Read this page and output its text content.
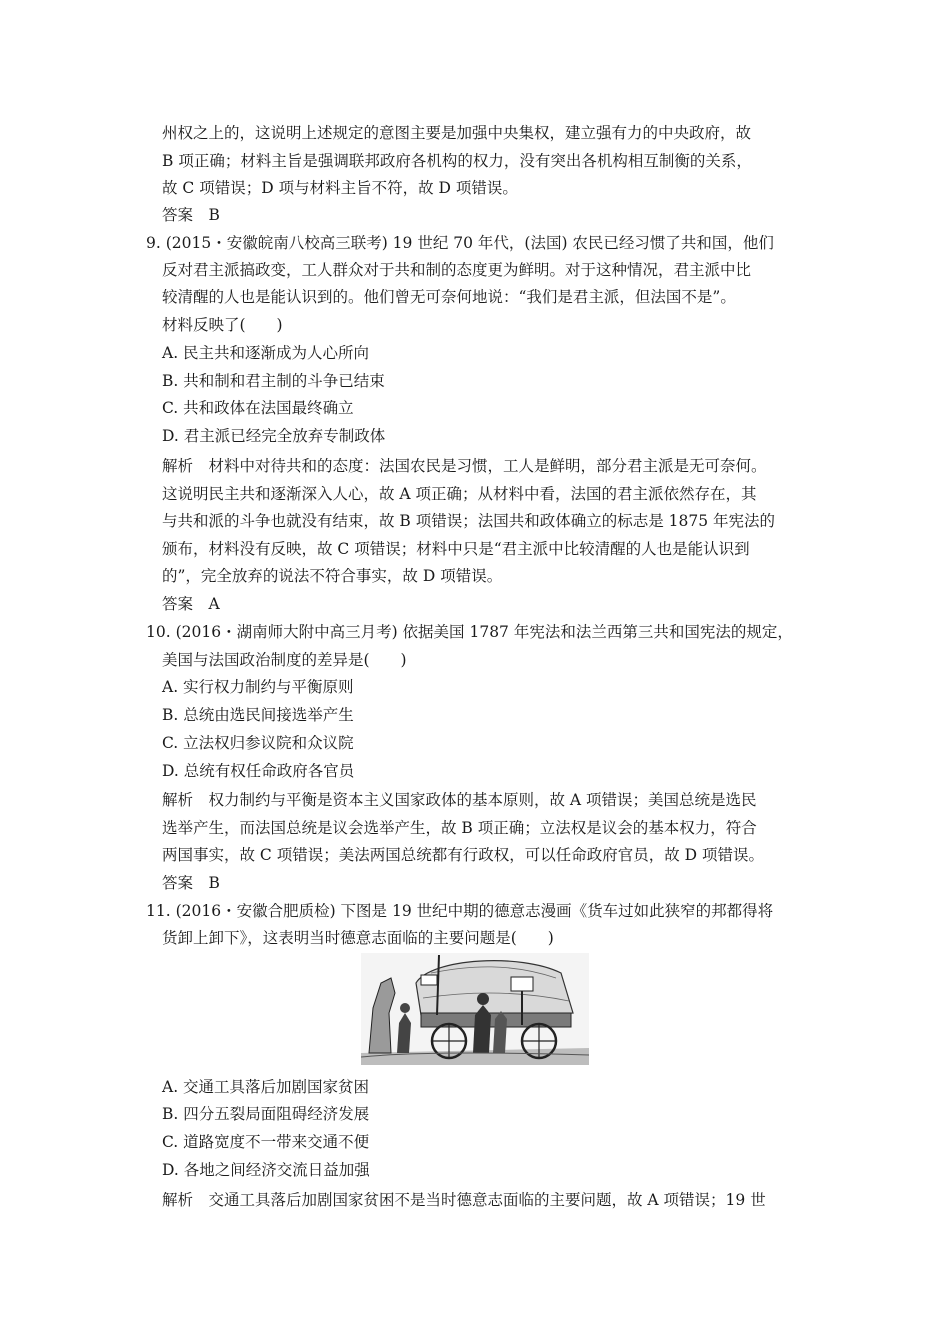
州权之上的，这说明上述规定的意图主要是加强中央集权，建立强有力的中央政府，故
B 项正确；材料主旨是强调联邦政府各机构的权力，没有突出各机构相互制衡的关系，
故 C 项错误；D 项与材料主旨不符，故 D 项错误。
答案　B
9. (2015・安徽皖南八校高三联考) 19 世纪 70 年代，(法国) 农民已经习惯了共和国，他们
反对君主派搞政变，工人群众对于共和制的态度更为鲜明。对于这种情况，君主派中比
较清醒的人也是能认识到的。他们曾无可奈何地说：“我们是君主派，但法国不是”。
材料反映了(　　)
A. 民主共和逐渐成为人心所向
B. 共和制和君主制的斗争已结束
C. 共和政体在法国最终确立
D. 君主派已经完全放弃专制政体
解析　材料中对待共和的态度：法国农民是习惯，工人是鲜明，部分君主派是无可奈何。
这说明民主共和逐渐深入人心，故 A 项正确；从材料中看，法国的君主派依然存在，其
与共和派的斗争也就没有结束，故 B 项错误；法国共和政体确立的标志是 1875 年宪法的
颁布，材料没有反映，故 C 项错误；材料中只是“君主派中比较清醒的人也是能认识到
的”，完全放弃的说法不符合事实，故 D 项错误。
答案　A
10. (2016・湖南师大附中高三月考) 依据美国 1787 年宪法和法兰西第三共和国宪法的规定，
美国与法国政治制度的差异是(　　)
A. 实行权力制约与平衡原则
B. 总统由选民间接选举产生
C. 立法权归参议院和众议院
D. 总统有权任命政府各官员
解析　权力制约与平衡是资本主义国家政体的基本原则，故 A 项错误；美国总统是选民
选举产生，而法国总统是议会选举产生，故 B 项正确；立法权是议会的基本权力，符合
两国事实，故 C 项错误；美法两国总统都有行政权，可以任命政府官员，故 D 项错误。
答案　B
11. (2016・安徽合肥质检) 下图是 19 世纪中期的德意志漫画《货车过如此狭窄的邦都得将
货卸上卸下》，这表明当时德意志面临的主要问题是(　　)
A. 交通工具落后加剧国家贫困
B. 四分五裂局面阻碍经济发展
C. 道路宽度不一带来交通不便
D. 各地之间经济交流日益加强
解析　交通工具落后加剧国家贫困不是当时德意志面临的主要问题，故 A 项错误；19 世
